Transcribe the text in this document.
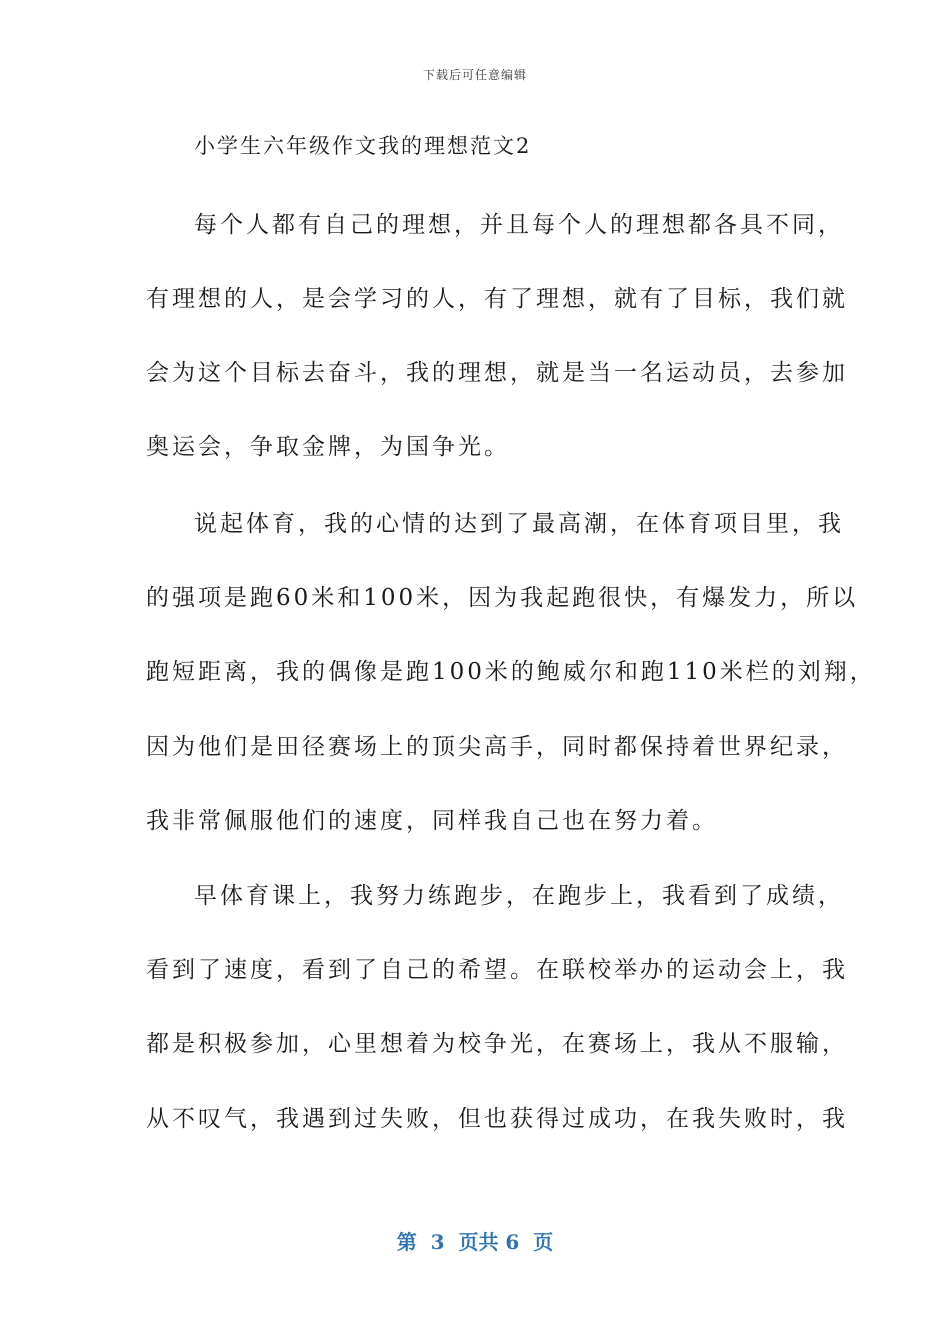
下载后可任意编辑
小学生六年级作文我的理想范文2
每个人都有自己的理想，并且每个人的理想都各具不同，
有理想的人，是会学习的人，有了理想，就有了目标，我们就
会为这个目标去奋斗，我的理想，就是当一名运动员，去参加
奥运会，争取金牌，为国争光。
说起体育，我的心情的达到了最高潮，在体育项目里，我
的强项是跑60米和100米，因为我起跑很快，有爆发力，所以
跑短距离，我的偶像是跑100米的鲍威尔和跑110米栏的刘翔，
因为他们是田径赛场上的顶尖高手，同时都保持着世界纪录，
我非常佩服他们的速度，同样我自己也在努力着。
早体育课上，我努力练跑步，在跑步上，我看到了成绩，
看到了速度，看到了自己的希望。在联校举办的运动会上，我
都是积极参加，心里想着为校争光，在赛场上，我从不服输，
从不叹气，我遇到过失败，但也获得过成功，在我失败时，我
第  3  页共 6  页
